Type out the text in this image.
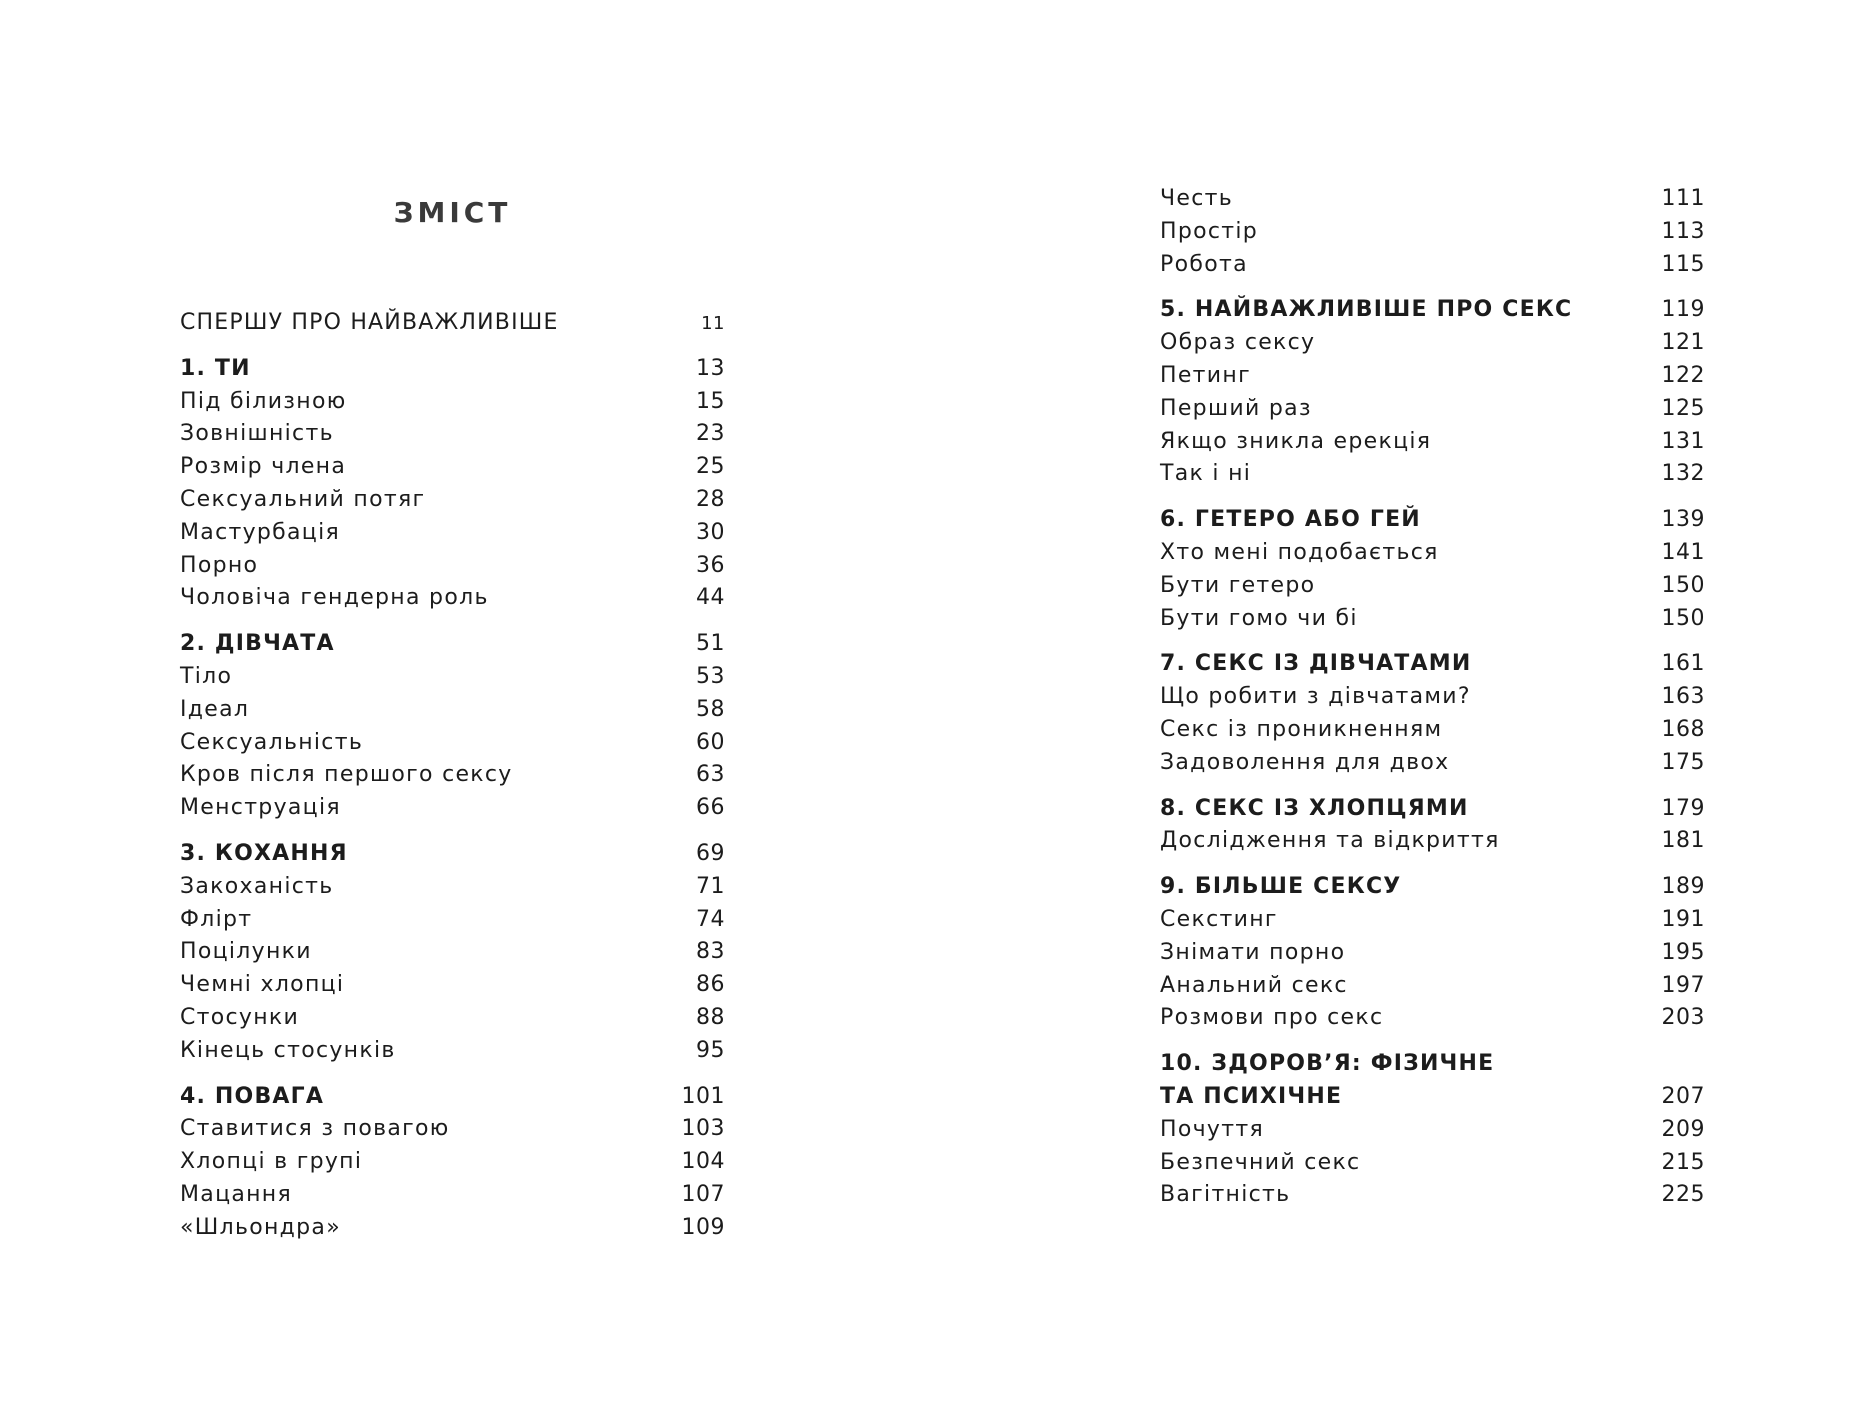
ЗМІСТ
СПЕРШУ ПРО НАЙВАЖЛИВІШЕ	11
1. ТИ	13
Під білизною	15
Зовнішність	23
Розмір члена	25
Сексуальний потяг	28
Мастурбація	30
Порно	36
Чоловіча гендерна роль	44
2. ДІВЧАТА	51
Тіло	53
Ідеал	58
Сексуальність	60
Кров після першого сексу	63
Менструація	66
3. КОХАННЯ	69
Закоханість	71
Флірт	74
Поцілунки	83
Чемні хлопці	86
Стосунки	88
Кінець стосунків	95
4. ПОВАГА	101
Ставитися з повагою	103
Хлопці в групі	104
Мацання	107
«Шльондра»	109
Честь	111
Простір	113
Робота	115
5. НАЙВАЖЛИВІШЕ ПРО СЕКС	119
Образ сексу	121
Петинг	122
Перший раз	125
Якщо зникла ерекція	131
Так і ні	132
6. ГЕТЕРО АБО ГЕЙ	139
Хто мені подобається	141
Бути гетеро	150
Бути гомо чи бі	150
7. СЕКС ІЗ ДІВЧАТАМИ	161
Що робити з дівчатами?	163
Секс із проникненням	168
Задоволення для двох	175
8. СЕКС ІЗ ХЛОПЦЯМИ	179
Дослідження та відкриття	181
9. БІЛЬШЕ СЕКСУ	189
Секстинг	191
Знімати порно	195
Анальний секс	197
Розмови про секс	203
10. ЗДОРОВ’Я: ФІЗИЧНЕ
ТА ПСИХІЧНЕ	207
Почуття	209
Безпечний секс	215
Вагітність	225
